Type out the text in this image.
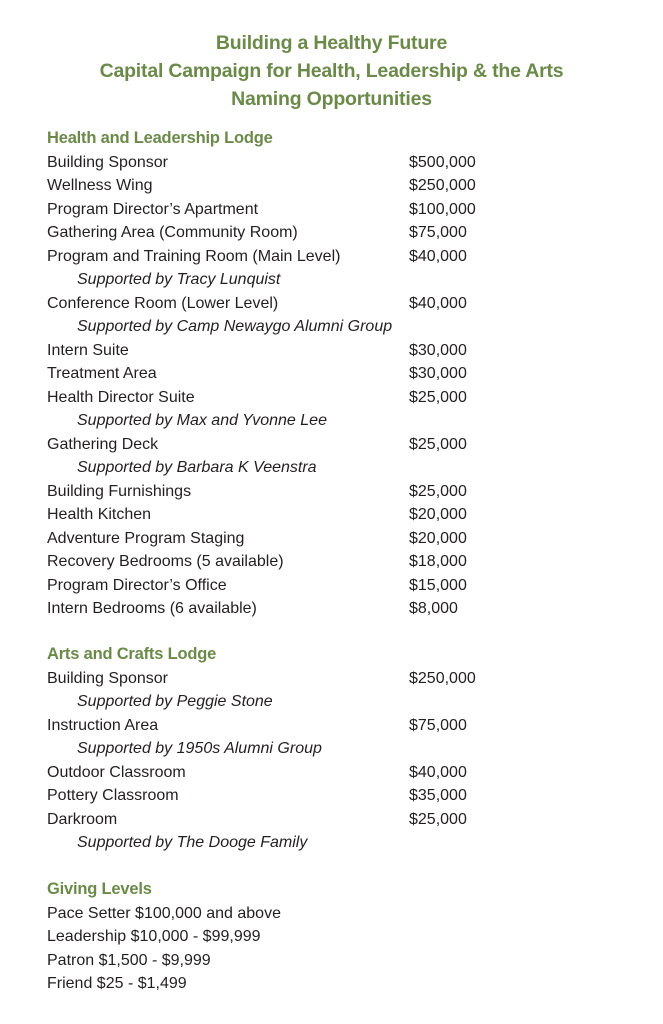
Building a Healthy Future
Capital Campaign for Health, Leadership & the Arts
Naming Opportunities
Health and Leadership Lodge
Building Sponsor	$500,000
Wellness Wing	$250,000
Program Director’s Apartment	$100,000
Gathering Area (Community Room)	$75,000
Program and Training Room (Main Level)	$40,000
Supported by Tracy Lunquist
Conference Room (Lower Level)	$40,000
Supported by Camp Newaygo Alumni Group
Intern Suite	$30,000
Treatment Area	$30,000
Health Director Suite	$25,000
Supported by Max and Yvonne Lee
Gathering Deck	$25,000
Supported by Barbara K Veenstra
Building Furnishings	$25,000
Health Kitchen	$20,000
Adventure Program Staging	$20,000
Recovery Bedrooms (5 available)	$18,000
Program Director’s Office	$15,000
Intern Bedrooms (6 available)	$8,000
Arts and Crafts Lodge
Building Sponsor	$250,000
Supported by Peggie Stone
Instruction Area	$75,000
Supported by 1950s Alumni Group
Outdoor Classroom	$40,000
Pottery Classroom	$35,000
Darkroom	$25,000
Supported by The Dooge Family
Giving Levels
Pace Setter $100,000 and above
Leadership $10,000 - $99,999
Patron $1,500 - $9,999
Friend $25 - $1,499
